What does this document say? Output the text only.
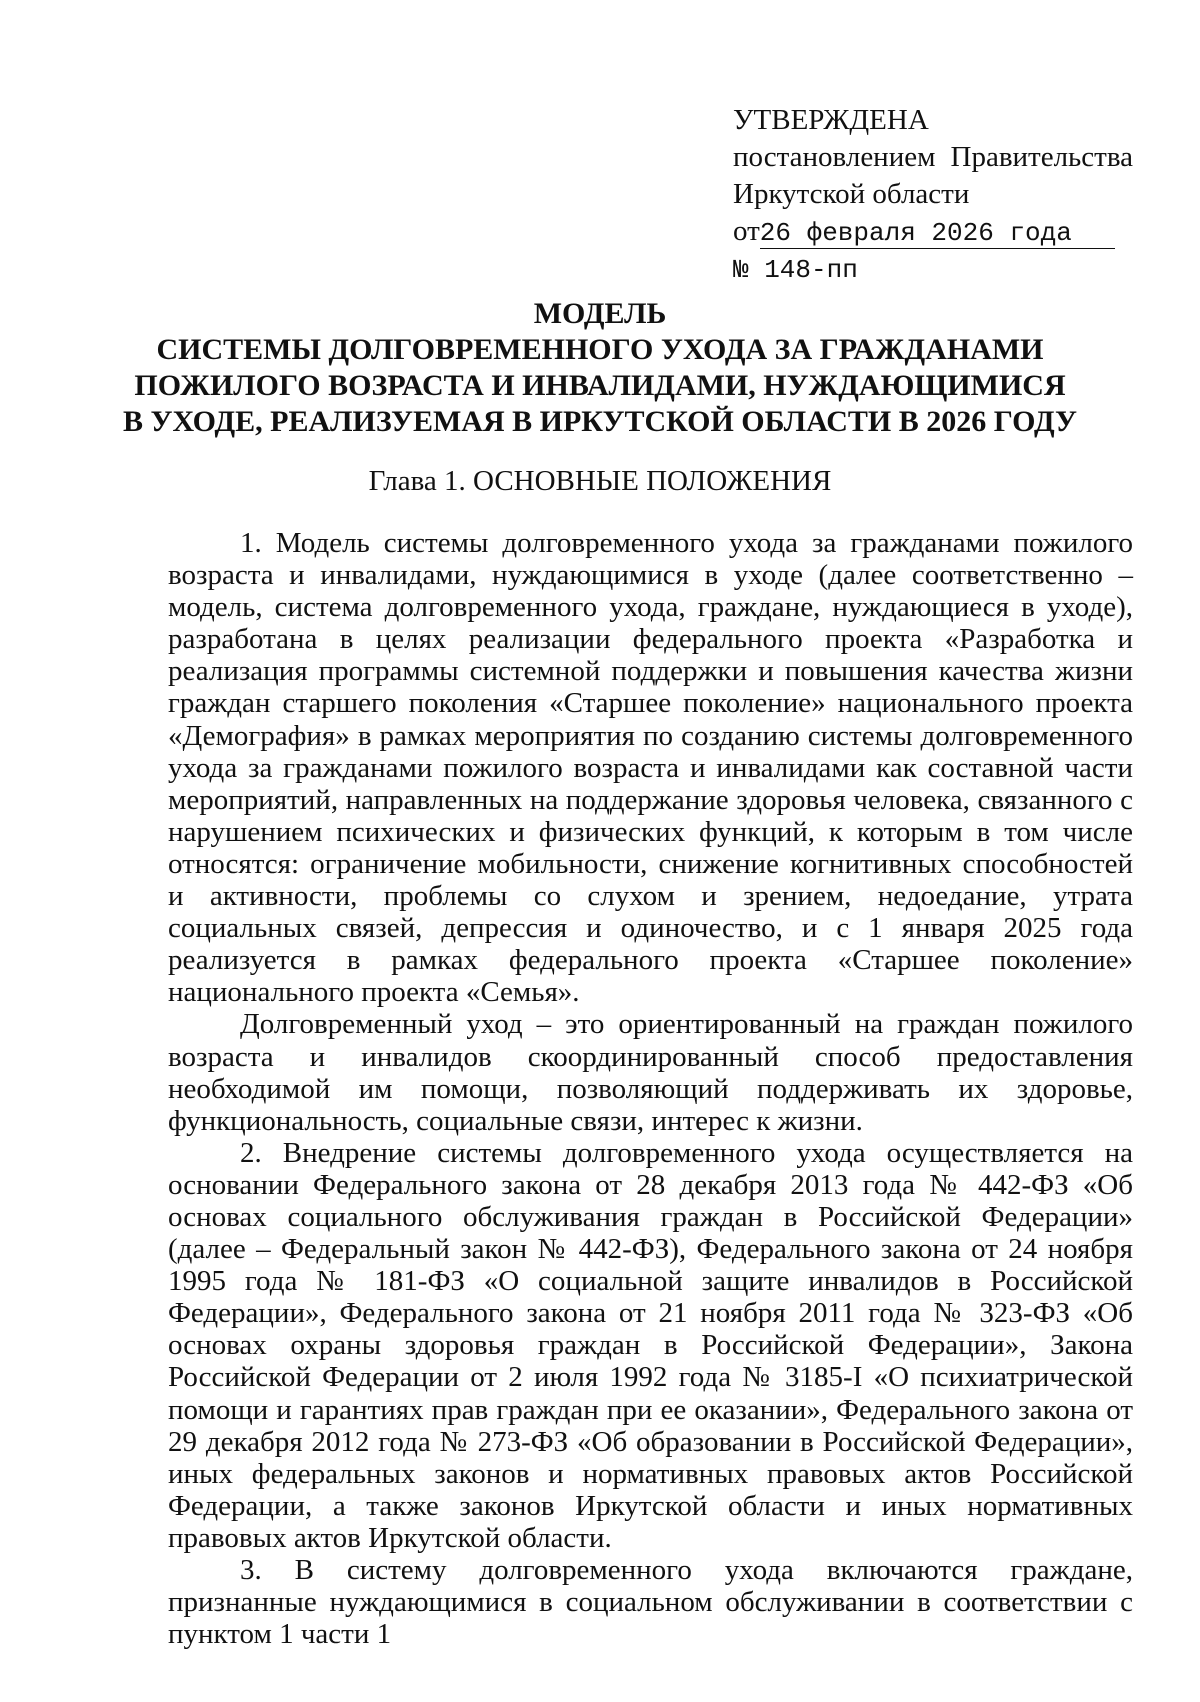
УТВЕРЖДЕНА
постановлением Правительства
Иркутской области
от26 февраля 2026 года
№ 148-пп
МОДЕЛЬ
СИСТЕМЫ ДОЛГОВРЕМЕННОГО УХОДА ЗА ГРАЖДАНАМИ
ПОЖИЛОГО ВОЗРАСТА И ИНВАЛИДАМИ, НУЖДАЮЩИМИСЯ
В УХОДЕ, РЕАЛИЗУЕМАЯ В ИРКУТСКОЙ ОБЛАСТИ В 2026 ГОДУ
Глава 1. ОСНОВНЫЕ ПОЛОЖЕНИЯ

1. Модель системы долговременного ухода за гражданами пожилого возраста и инвалидами, нуждающимися в уходе (далее соответственно – модель, система долговременного ухода, граждане, нуждающиеся в уходе), разработана в целях реализации федерального проекта «Разработка и реализация программы системной поддержки и повышения качества жизни граждан старшего поколения «Старшее поколение» национального проекта «Демография» в рамках мероприятия по созданию системы долговременного ухода за гражданами пожилого возраста и инвалидами как составной части мероприятий, направленных на поддержание здоровья человека, связанного с нарушением психических и физических функций, к которым в том числе относятся: ограничение мобильности, снижение когнитивных способностей и активности, проблемы со слухом и зрением, недоедание, утрата социальных связей, депрессия и одиночество, и с 1 января 2025 года реализуется в рамках федерального проекта «Старшее поколение» национального проекта «Семья».

Долговременный уход – это ориентированный на граждан пожилого возраста и инвалидов скоординированный способ предоставления необходимой им помощи, позволяющий поддерживать их здоровье, функциональность, социальные связи, интерес к жизни.

2. Внедрение системы долговременного ухода осуществляется на основании Федерального закона от 28 декабря 2013 года № 442-ФЗ «Об основах социального обслуживания граждан в Российской Федерации» (далее – Федеральный закон № 442-ФЗ), Федерального закона от 24 ноября 1995 года № 181-ФЗ «О социальной защите инвалидов в Российской Федерации», Федерального закона от 21 ноября 2011 года № 323-ФЗ «Об основах охраны здоровья граждан в Российской Федерации», Закона Российской Федерации от 2 июля 1992 года № 3185-I «О психиатрической помощи и гарантиях прав граждан при ее оказании», Федерального закона от 29 декабря 2012 года № 273-ФЗ «Об образовании в Российской Федерации», иных федеральных законов и нормативных правовых актов Российской Федерации, а также законов Иркутской области и иных нормативных правовых актов Иркутской области.

3. В систему долговременного ухода включаются граждане, признанные нуждающимися в социальном обслуживании в соответствии с пунктом 1 части 1
